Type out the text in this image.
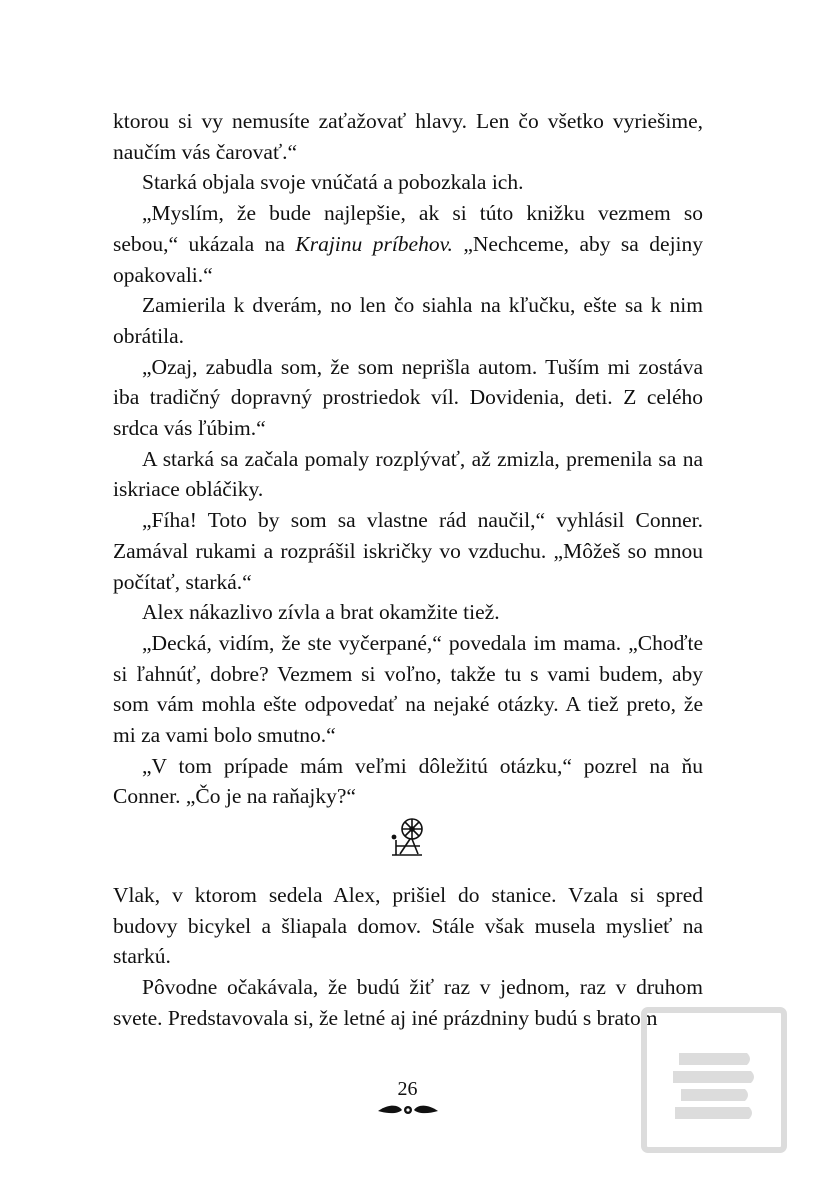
ktorou si vy nemusíte zaťažovať hlavy. Len čo všetko vyriešime, naučím vás čarovať.“

Starká objala svoje vnúčatá a pobozkala ich.

„Myslím, že bude najlepšie, ak si túto knižku vezmem so sebou,“ ukázala na Krajinu príbehov. „Nechceme, aby sa dejiny opakovali.“

Zamierila k dverám, no len čo siahla na kľučku, ešte sa k nim obrátila.

„Ozaj, zabudla som, že som neprišla autom. Tuším mi zostáva iba tradičný dopravný prostriedok víl. Dovidenia, deti. Z celého srdca vás ľúbim.“

A starká sa začala pomaly rozplývať, až zmizla, premenila sa na iskriace obláčiky.

„Fíha! Toto by som sa vlastne rád naučil,“ vyhlásil Conner. Zamával rukami a rozprášil iskričky vo vzduchu. „Môžeš so mnou počítať, starká.“

Alex nákazlivo zívla a brat okamžite tiež.

„Decká, vidím, že ste vyčerpané,“ povedala im mama. „Choďte si ľahnúť, dobre? Vezmem si voľno, takže tu s vami budem, aby som vám mohla ešte odpovedať na nejaké otázky. A tiež preto, že mi za vami bolo smutno.“

„V tom prípade mám veľmi dôležitú otázku,“ pozrel na ňu Conner. „Čo je na raňajky?“

Vlak, v ktorom sedela Alex, prišiel do stanice. Vzala si spred budovy bicykel a šliapala domov. Stále však musela myslieť na starkú.

Pôvodne očakávala, že budú žiť raz v jednom, raz v druhom svete. Predstavovala si, že letné aj iné prázdniny budú s bratom

26
